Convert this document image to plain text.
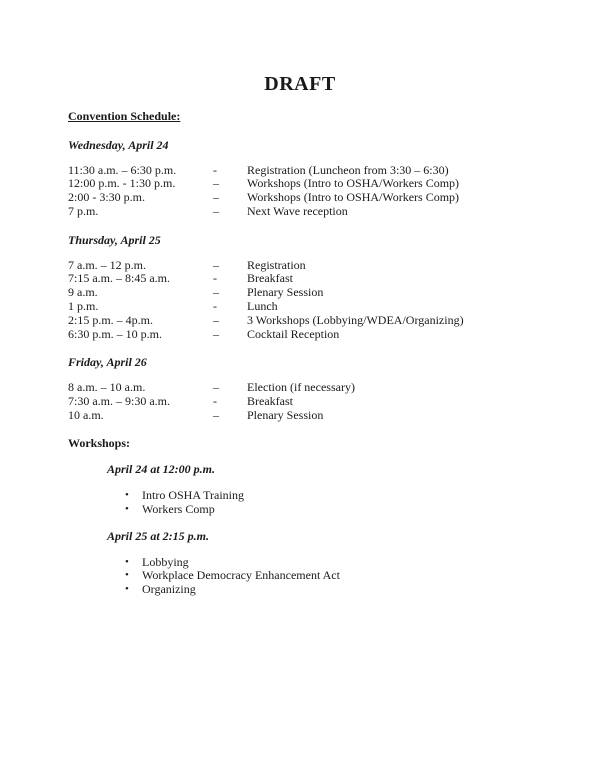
DRAFT
Convention Schedule:
Wednesday, April 24
11:30 a.m. – 6:30 p.m.	-	Registration (Luncheon from 3:30 – 6:30)
12:00 p.m. - 1:30 p.m.	–	Workshops (Intro to OSHA/Workers Comp)
2:00 - 3:30 p.m.	–	Workshops (Intro to OSHA/Workers Comp)
7 p.m.	–	Next Wave reception
Thursday, April 25
7 a.m. – 12 p.m.	–	Registration
7:15 a.m. – 8:45 a.m.	-	Breakfast
9 a.m.	–	Plenary Session
1 p.m.	-	Lunch
2:15 p.m. – 4p.m.	–	3 Workshops (Lobbying/WDEA/Organizing)
6:30 p.m. – 10 p.m.	–	Cocktail Reception
Friday, April 26
8 a.m. – 10 a.m.	–	Election (if necessary)
7:30 a.m. – 9:30 a.m.	-	Breakfast
10 a.m.	–	Plenary Session
Workshops:
April 24 at 12:00 p.m.
•	Intro OSHA Training
•	Workers Comp
April 25 at 2:15 p.m.
•	Lobbying
•	Workplace Democracy Enhancement Act
•	Organizing
